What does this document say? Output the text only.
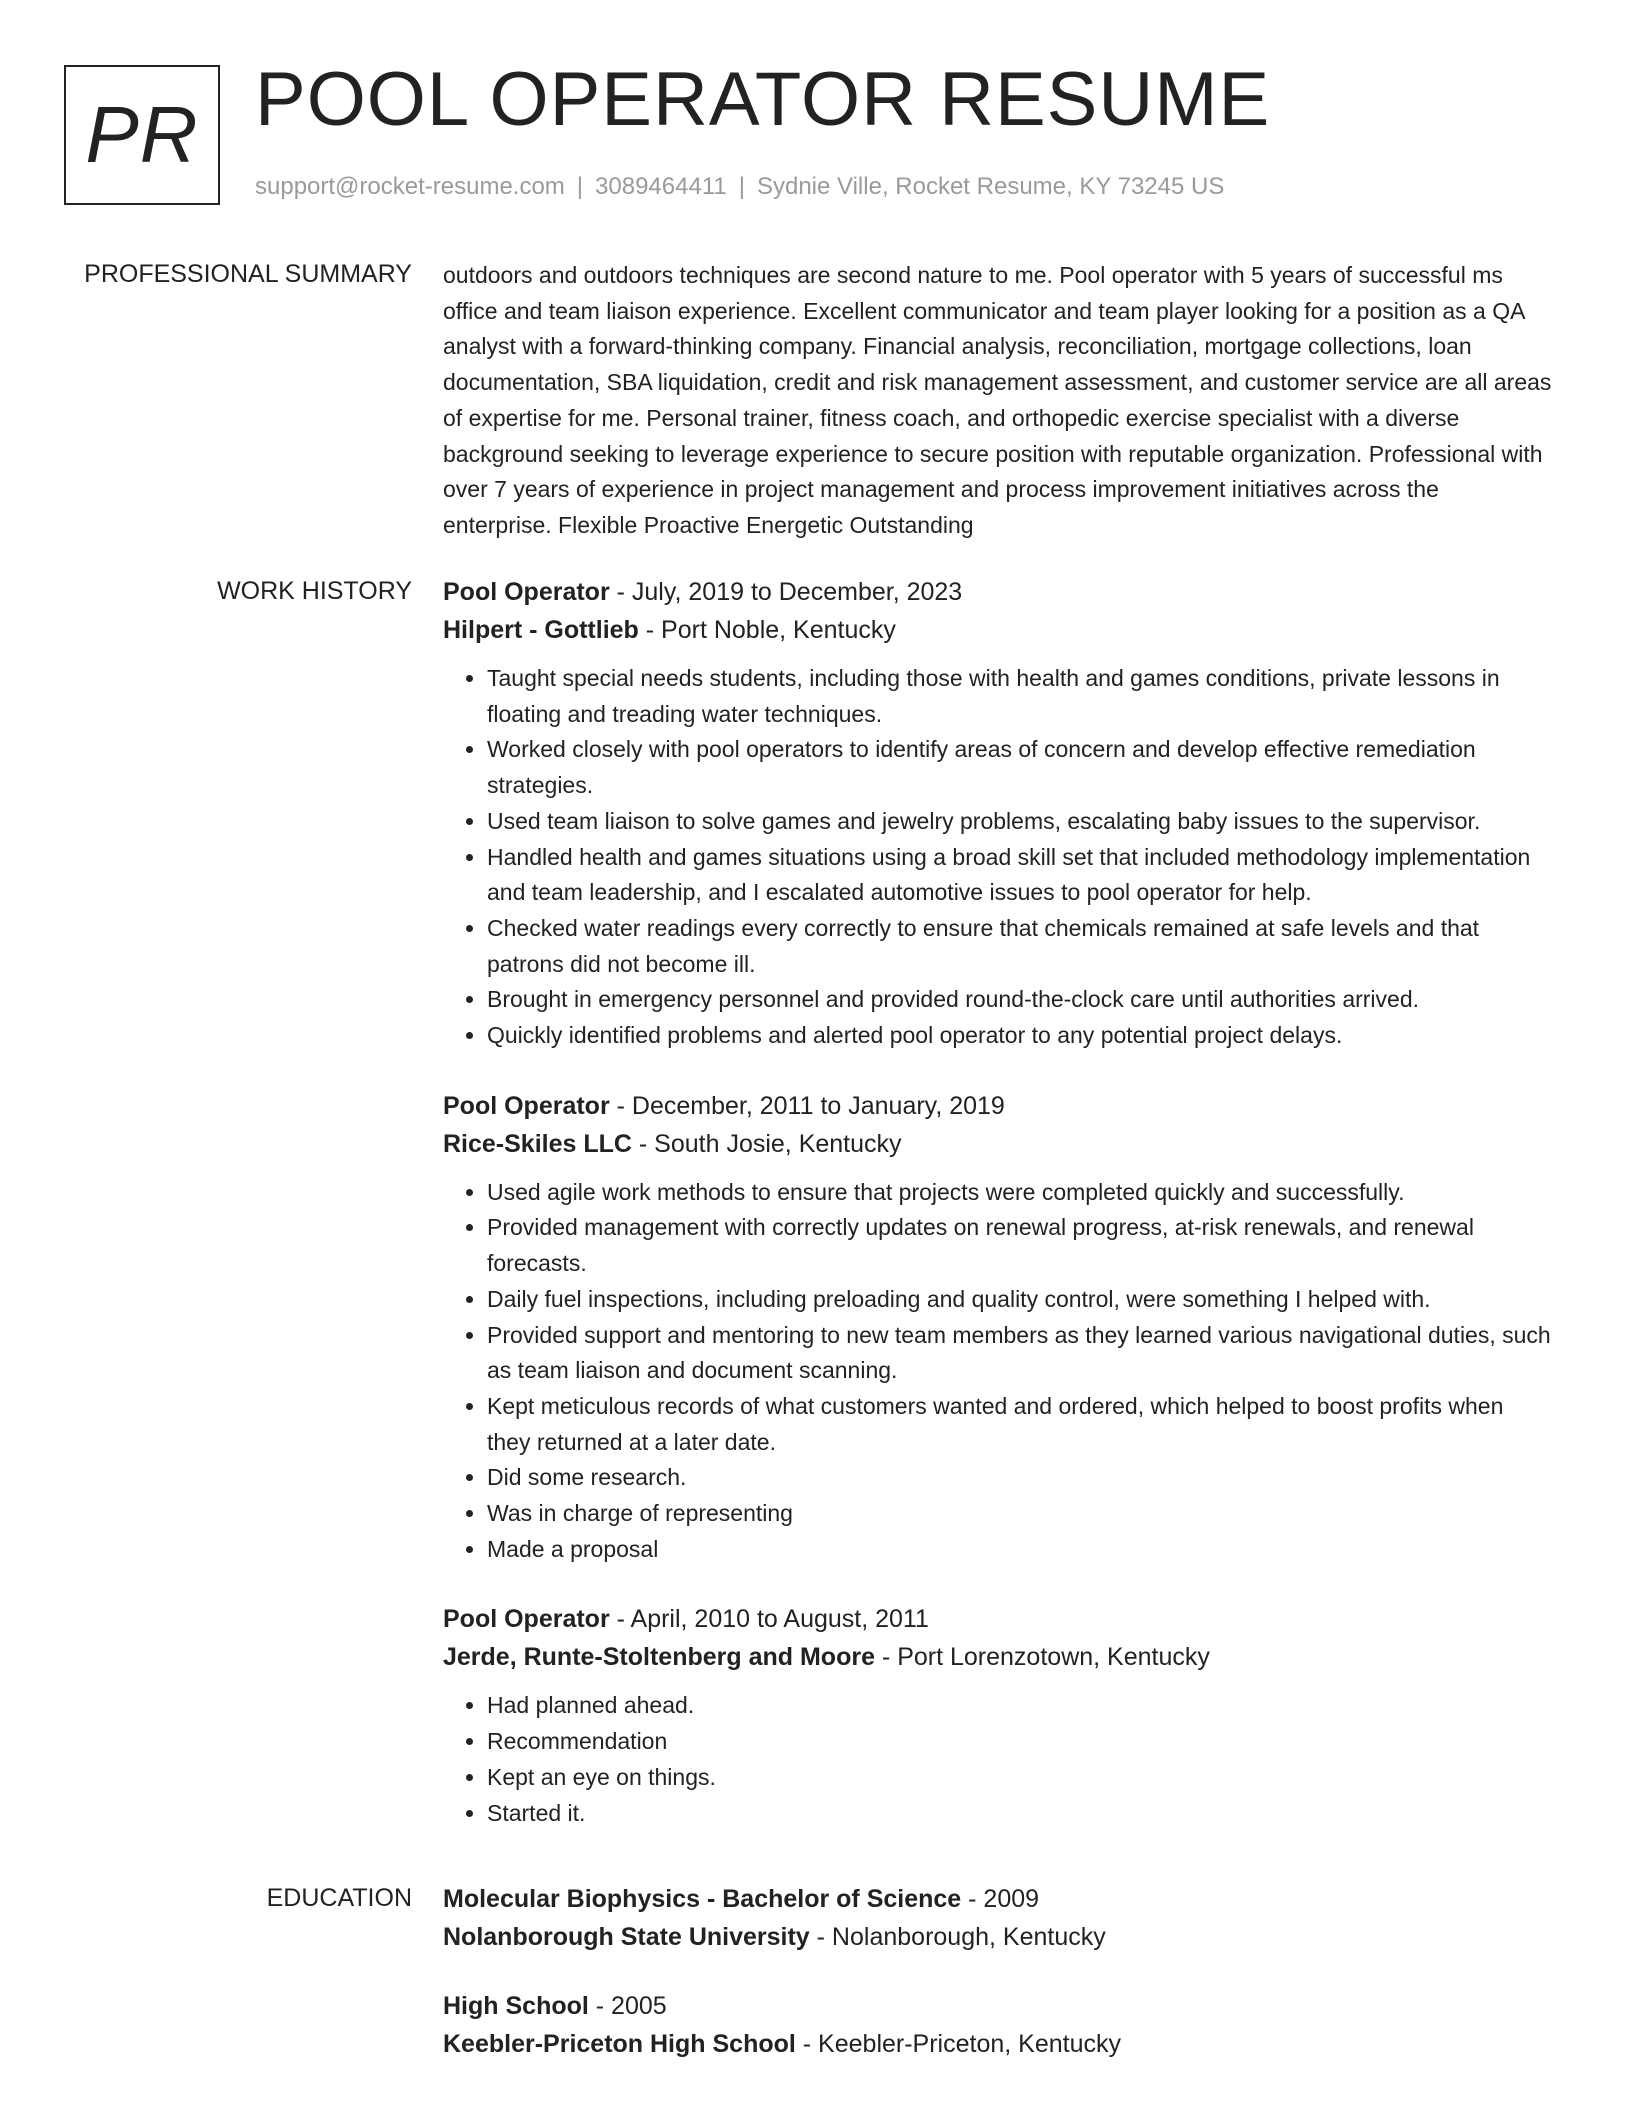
PR POOL OPERATOR RESUME
support@rocket-resume.com | 3089464411 | Sydnie Ville, Rocket Resume, KY 73245 US
PROFESSIONAL SUMMARY outdoors and outdoors techniques are second nature to me. Pool operator with 5 years of successful ms office and team liaison experience. Excellent communicator and team player looking for a position as a QA analyst with a forward-thinking company. Financial analysis, reconciliation, mortgage collections, loan documentation, SBA liquidation, credit and risk management assessment, and customer service are all areas of expertise for me. Personal trainer, fitness coach, and orthopedic exercise specialist with a diverse background seeking to leverage experience to secure position with reputable organization. Professional with over 7 years of experience in project management and process improvement initiatives across the enterprise. Flexible Proactive Energetic Outstanding

WORK HISTORY Pool Operator - July, 2019 to December, 2023

Hilpert - Gottlieb - Port Noble, Kentucky

• Taught special needs students, including those with health and games conditions, private lessons in floating and treading water techniques.
• Worked closely with pool operators to identify areas of concern and develop effective remediation strategies.
• Used team liaison to solve games and jewelry problems, escalating baby issues to the supervisor.
• Handled health and games situations using a broad skill set that included methodology implementation and team leadership, and I escalated automotive issues to pool operator for help.
• Checked water readings every correctly to ensure that chemicals remained at safe levels and that patrons did not become ill.
• Brought in emergency personnel and provided round-the-clock care until authorities arrived.
• Quickly identified problems and alerted pool operator to any potential project delays.

Pool Operator - December, 2011 to January, 2019

Rice-Skiles LLC - South Josie, Kentucky

• Used agile work methods to ensure that projects were completed quickly and successfully.
• Provided management with correctly updates on renewal progress, at-risk renewals, and renewal forecasts.
• Daily fuel inspections, including preloading and quality control, were something I helped with.
• Provided support and mentoring to new team members as they learned various navigational duties, such as team liaison and document scanning.
• Kept meticulous records of what customers wanted and ordered, which helped to boost profits when they returned at a later date.
• Did some research.
• Was in charge of representing
• Made a proposal

Pool Operator - April, 2010 to August, 2011

Jerde, Runte-Stoltenberg and Moore - Port Lorenzotown, Kentucky

• Had planned ahead.
• Recommendation
• Kept an eye on things.
• Started it.
EDUCATION Molecular Biophysics - Bachelor of Science - 2009

Nolanborough State University - Nolanborough, Kentucky

High School - 2005

Keebler-Priceton High School - Keebler-Priceton, Kentucky
